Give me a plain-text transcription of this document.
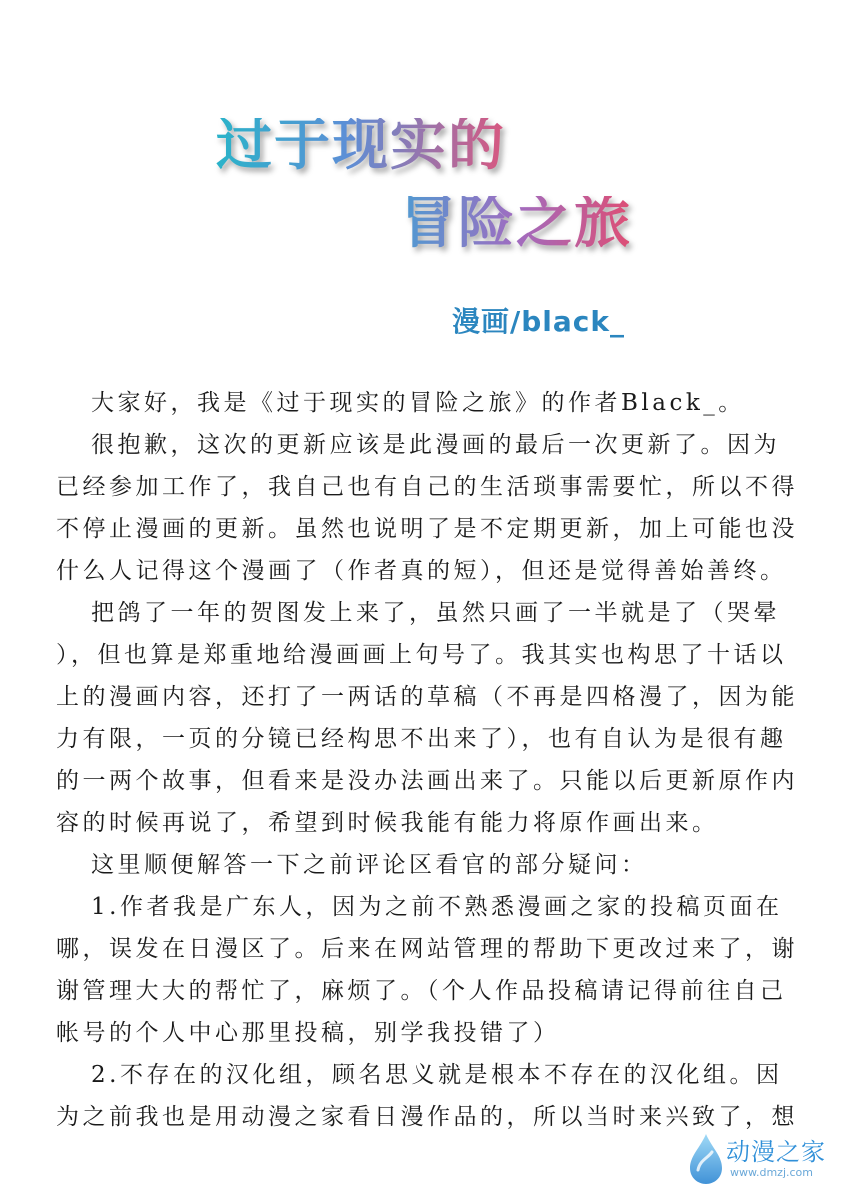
过于现实的
冒险之旅
漫画/black_
大家好，我是《过于现实的冒险之旅》的作者Black_。
很抱歉，这次的更新应该是此漫画的最后一次更新了。因为
已经参加工作了，我自己也有自己的生活琐事需要忙，所以不得
不停止漫画的更新。虽然也说明了是不定期更新，加上可能也没
什么人记得这个漫画了（作者真的短），但还是觉得善始善终。
把鸽了一年的贺图发上来了，虽然只画了一半就是了（哭晕
），但也算是郑重地给漫画画上句号了。我其实也构思了十话以
上的漫画内容，还打了一两话的草稿（不再是四格漫了，因为能
力有限，一页的分镜已经构思不出来了），也有自认为是很有趣
的一两个故事，但看来是没办法画出来了。只能以后更新原作内
容的时候再说了，希望到时候我能有能力将原作画出来。
这里顺便解答一下之前评论区看官的部分疑问：
1.作者我是广东人，因为之前不熟悉漫画之家的投稿页面在
哪，误发在日漫区了。后来在网站管理的帮助下更改过来了，谢
谢管理大大的帮忙了，麻烦了。（个人作品投稿请记得前往自己
帐号的个人中心那里投稿，别学我投错了）
2.不存在的汉化组，顾名思义就是根本不存在的汉化组。因
为之前我也是用动漫之家看日漫作品的，所以当时来兴致了，想
动漫之家
www.dmzj.com
